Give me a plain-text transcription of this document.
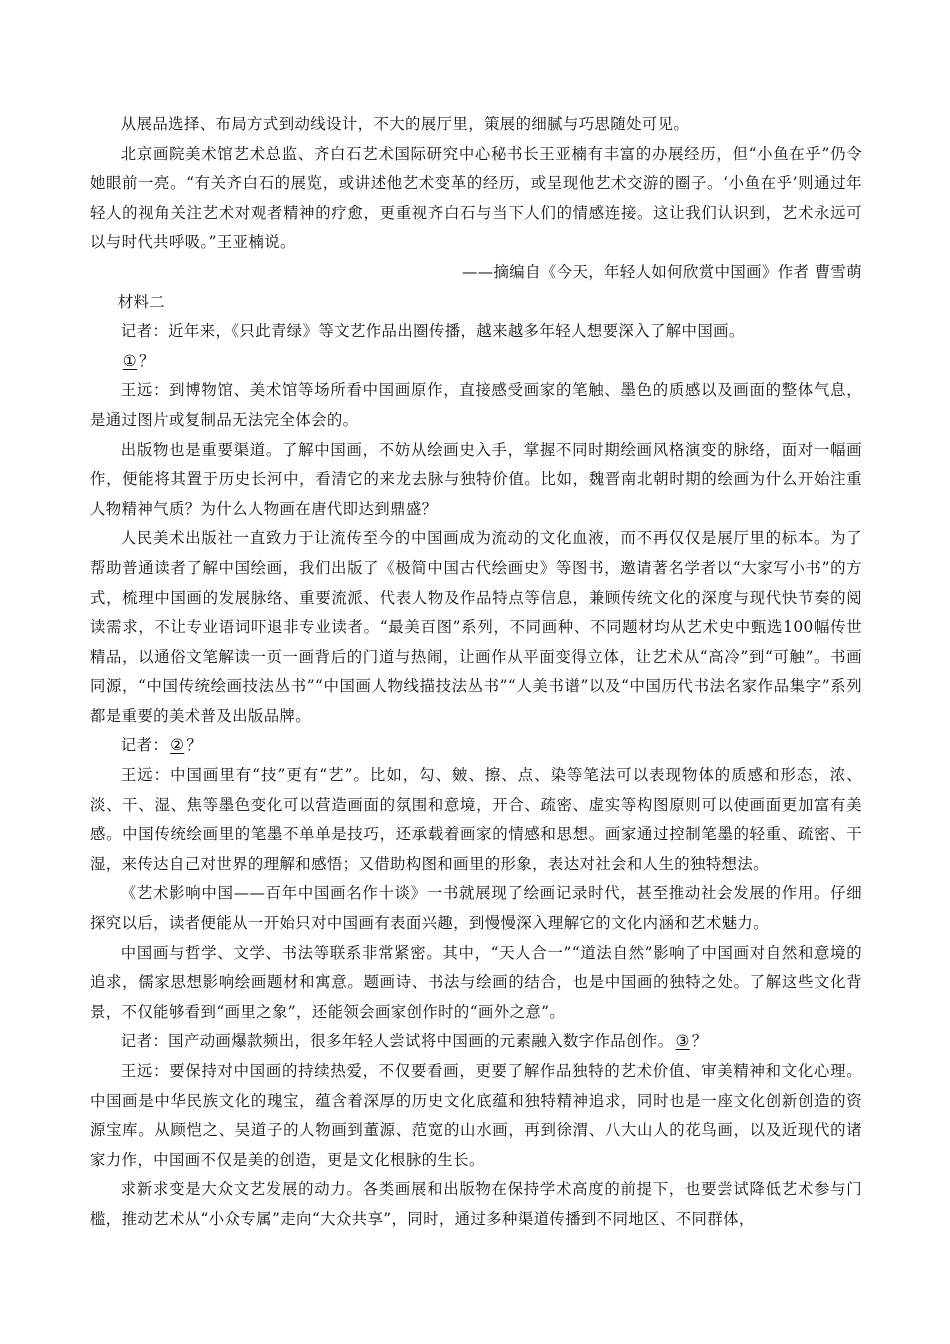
从展品选择、布局方式到动线设计，不大的展厅里，策展的细腻与巧思随处可见。

北京画院美术馆艺术总监、齐白石艺术国际研究中心秘书长王亚楠有丰富的办展经历，但“小鱼在乎”仍令她眼前一亮。“有关齐白石的展览，或讲述他艺术变革的经历，或呈现他艺术交游的圈子。‘小鱼在乎’则通过年轻人的视角关注艺术对观者精神的疗愈，更重视齐白石与当下人们的情感连接。这让我们认识到，艺术永远可以与时代共呼吸。”王亚楠说。

——摘编自《今天，年轻人如何欣赏中国画》作者 曹雪萌

材料二

记者：近年来，《只此青绿》等文艺作品出圈传播，越来越多年轻人想要深入了解中国画。

① ？

王远：到博物馆、美术馆等场所看中国画原作，直接感受画家的笔触、墨色的质感以及画面的整体气息，是通过图片或复制品无法完全体会的。

出版物也是重要渠道。了解中国画，不妨从绘画史入手，掌握不同时期绘画风格演变的脉络，面对一幅画作，便能将其置于历史长河中，看清它的来龙去脉与独特价值。比如，魏晋南北朝时期的绘画为什么开始注重人物精神气质？为什么人物画在唐代即达到鼎盛？

人民美术出版社一直致力于让流传至今的中国画成为流动的文化血液，而不再仅仅是展厅里的标本。为了帮助普通读者了解中国绘画，我们出版了《极简中国古代绘画史》等图书，邀请著名学者以“大家写小书”的方式，梳理中国画的发展脉络、重要流派、代表人物及作品特点等信息，兼顾传统文化的深度与现代快节奏的阅读需求，不让专业语词吓退非专业读者。“最美百图”系列，不同画种、不同题材均从艺术史中甄选100幅传世精品，以通俗文笔解读一页一画背后的门道与热闹，让画作从平面变得立体，让艺术从“高冷”到“可触”。书画同源，“中国传统绘画技法丛书”“中国画人物线描技法丛书”“人美书谱”以及“中国历代书法名家作品集字”系列都是重要的美术普及出版品牌。

记者： ② ？

王远：中国画里有“技”更有“艺”。比如，勾、皴、擦、点、染等笔法可以表现物体的质感和形态，浓、淡、干、湿、焦等墨色变化可以营造画面的氛围和意境，开合、疏密、虚实等构图原则可以使画面更加富有美感。中国传统绘画里的笔墨不单单是技巧，还承载着画家的情感和思想。画家通过控制笔墨的轻重、疏密、干湿，来传达自己对世界的理解和感悟；又借助构图和画里的形象，表达对社会和人生的独特想法。

《艺术影响中国——百年中国画名作十谈》一书就展现了绘画记录时代，甚至推动社会发展的作用。仔细探究以后，读者便能从一开始只对中国画有表面兴趣，到慢慢深入理解它的文化内涵和艺术魅力。

中国画与哲学、文学、书法等联系非常紧密。其中，“天人合一”“道法自然”影响了中国画对自然和意境的追求，儒家思想影响绘画题材和寓意。题画诗、书法与绘画的结合，也是中国画的独特之处。了解这些文化背景，不仅能够看到“画里之象”，还能领会画家创作时的“画外之意”。

记者：国产动画爆款频出，很多年轻人尝试将中国画的元素融入数字作品创作。 ③ ？

王远：要保持对中国画的持续热爱，不仅要看画，更要了解作品独特的艺术价值、审美精神和文化心理。中国画是中华民族文化的瑰宝，蕴含着深厚的历史文化底蕴和独特精神追求，同时也是一座文化创新创造的资源宝库。从顾恺之、吴道子的人物画到董源、范宽的山水画，再到徐渭、八大山人的花鸟画，以及近现代的诸家力作，中国画不仅是美的创造，更是文化根脉的生长。

求新求变是大众文艺发展的动力。各类画展和出版物在保持学术高度的前提下，也要尝试降低艺术参与门槛，推动艺术从“小众专属”走向“大众共享”，同时，通过多种渠道传播到不同地区、不同群体，
